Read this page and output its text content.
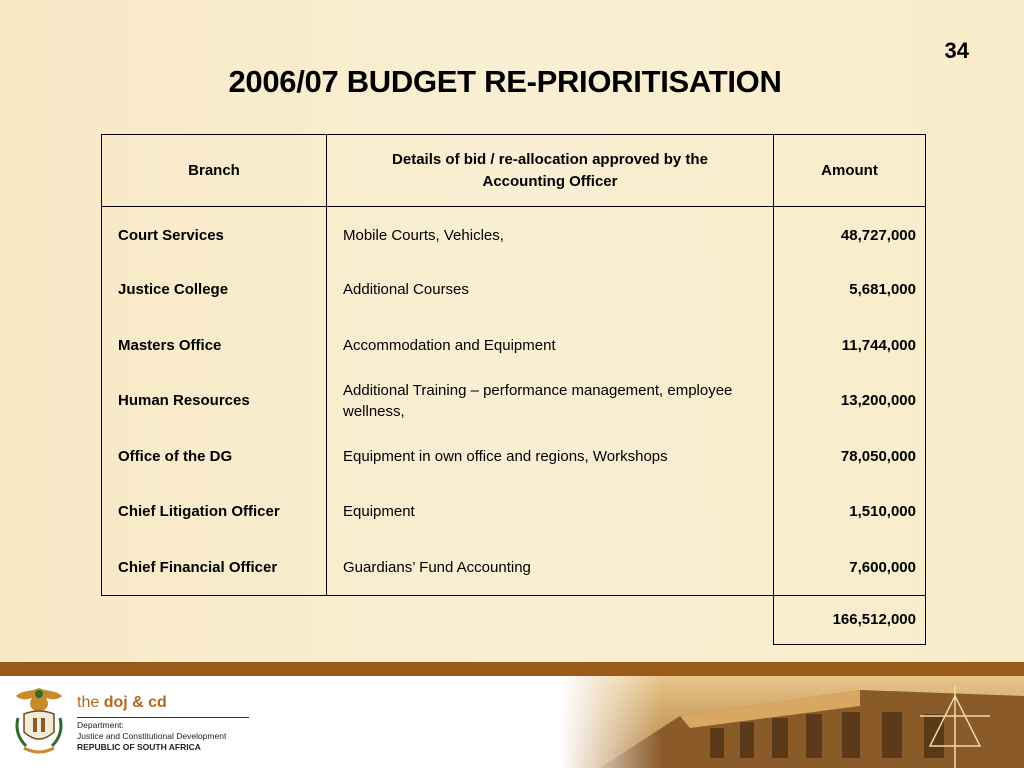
34
2006/07 BUDGET RE-PRIORITISATION
Branch	Details of bid / re-allocation approved by the Accounting Officer	Amount
Court Services	Mobile Courts, Vehicles,	48,727,000
Justice College	Additional Courses	5,681,000
Masters Office	Accommodation and Equipment	11,744,000
Human Resources	Additional Training – performance management, employee wellness,	13,200,000
Office of the DG	Equipment in own office and regions, Workshops	78,050,000
Chief Litigation Officer	Equipment	1,510,000
Chief Financial Officer	Guardians’ Fund Accounting	7,600,000
		166,512,000
the doj & cd
Department:
Justice and Constitutional Development
REPUBLIC OF SOUTH AFRICA
